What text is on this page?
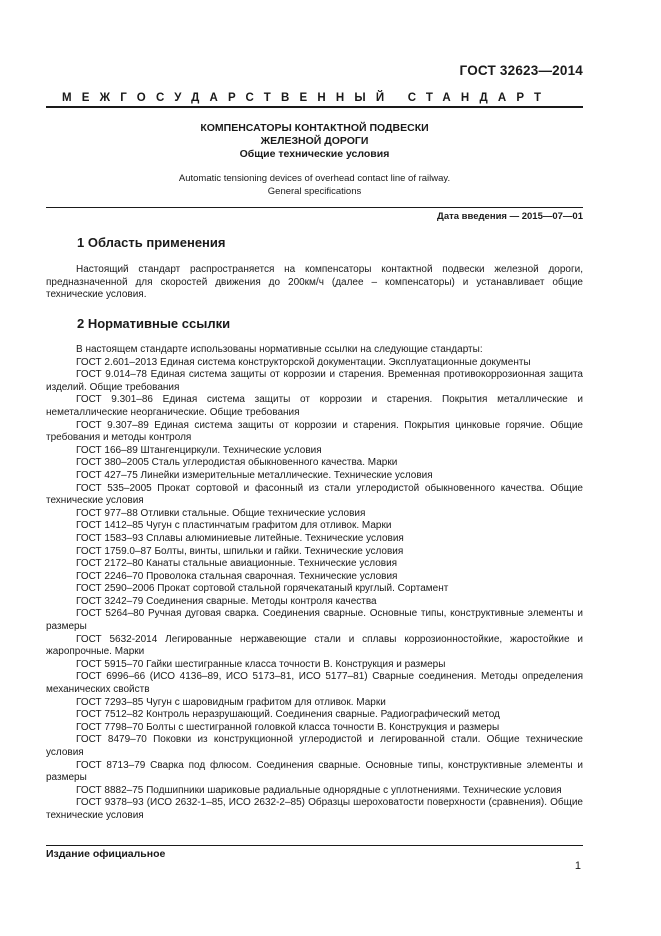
ГОСТ 32623—2014
МЕЖГОСУДАРСТВЕННЫЙ СТАНДАРТ
КОМПЕНСАТОРЫ КОНТАКТНОЙ ПОДВЕСКИ
ЖЕЛЕЗНОЙ ДОРОГИ
Общие технические условия
Automatic tensioning devices of overhead contact line of railway.
General specifications
Дата введения — 2015—07—01
1 Область применения

Настоящий стандарт распространяется на компенсаторы контактной подвески железной дороги, предназначенной для скоростей движения до 200км/ч (далее – компенсаторы) и устанавливает общие технические условия.

2 Нормативные ссылки

В настоящем стандарте использованы нормативные ссылки на следующие стандарты:

ГОСТ 2.601–2013 Единая система конструкторской документации. Эксплуатационные документы

ГОСТ 9.014–78 Единая система защиты от коррозии и старения. Временная противокоррозионная защита изделий. Общие требования

ГОСТ 9.301–86 Единая система защиты от коррозии и старения. Покрытия металлические и неметаллические неорганические. Общие требования

ГОСТ 9.307–89 Единая система защиты от коррозии и старения. Покрытия цинковые горячие. Общие требования и методы контроля

ГОСТ 166–89 Штангенциркули. Технические условия

ГОСТ 380–2005 Сталь углеродистая обыкновенного качества. Марки

ГОСТ 427–75 Линейки измерительные металлические. Технические условия

ГОСТ 535–2005 Прокат сортовой и фасонный из стали углеродистой обыкновенного качества. Общие технические условия

ГОСТ 977–88 Отливки стальные. Общие технические условия

ГОСТ 1412–85 Чугун с пластинчатым графитом для отливок. Марки

ГОСТ 1583–93 Сплавы алюминиевые литейные. Технические условия

ГОСТ 1759.0–87 Болты, винты, шпильки и гайки. Технические условия

ГОСТ 2172–80 Канаты стальные авиационные. Технические условия

ГОСТ 2246–70 Проволока стальная сварочная. Технические условия

ГОСТ 2590–2006 Прокат сортовой стальной горячекатаный круглый. Сортамент

ГОСТ 3242–79 Соединения сварные. Методы контроля качества

ГОСТ 5264–80 Ручная дуговая сварка. Соединения сварные. Основные типы, конструктивные элементы и размеры

ГОСТ 5632-2014 Легированные нержавеющие стали и сплавы коррозионностойкие, жаростойкие и жаропрочные. Марки

ГОСТ 5915–70 Гайки шестигранные класса точности В. Конструкция и размеры

ГОСТ 6996–66 (ИСО 4136–89, ИСО 5173–81, ИСО 5177–81) Сварные соединения. Методы определения механических свойств

ГОСТ 7293–85 Чугун с шаровидным графитом для отливок. Марки

ГОСТ 7512–82 Контроль неразрушающий. Соединения сварные. Радиографический метод

ГОСТ 7798–70 Болты с шестигранной головкой класса точности В. Конструкция и размеры

ГОСТ 8479–70 Поковки из конструкционной углеродистой и легированной стали. Общие технические условия

ГОСТ 8713–79 Сварка под флюсом. Соединения сварные. Основные типы, конструктивные элементы и размеры

ГОСТ 8882–75 Подшипники шариковые радиальные однорядные с уплотнениями. Технические условия

ГОСТ 9378–93 (ИСО 2632-1–85, ИСО 2632-2–85) Образцы шероховатости поверхности (сравнения). Общие технические условия

Издание официальное
1
